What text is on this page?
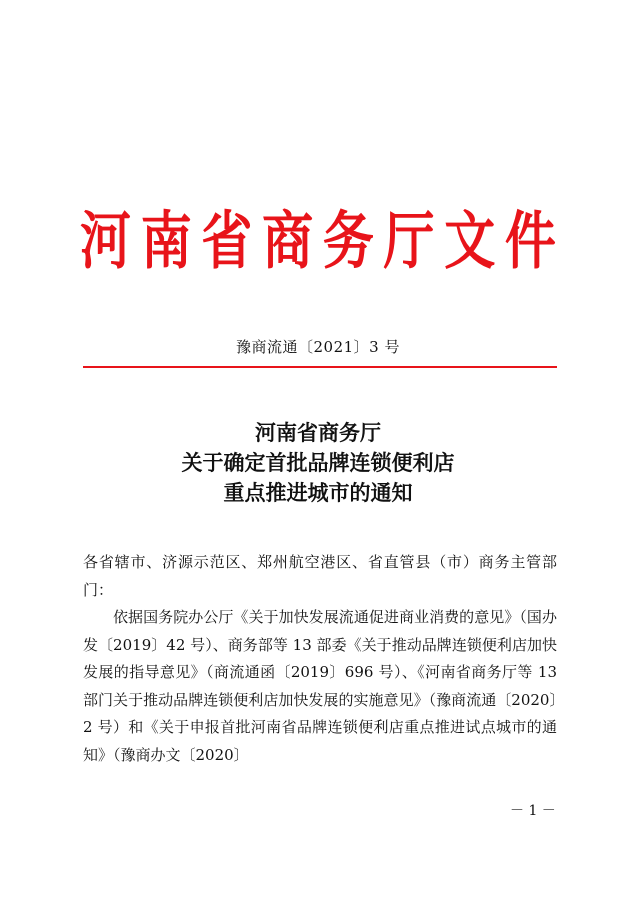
河 南 省 商 务 厅 文 件
豫商流通〔2021〕3 号
河南省商务厅
关于确定首批品牌连锁便利店
重点推进城市的通知

各省辖市、济源示范区、郑州航空港区、省直管县（市）商务主管部门：

依据国务院办公厅《关于加快发展流通促进商业消费的意见》（国办发〔2019〕42 号）、商务部等 13 部委《关于推动品牌连锁便利店加快发展的指导意见》（商流通函〔2019〕696 号）、《河南省商务厅等 13 部门关于推动品牌连锁便利店加快发展的实施意见》（豫商流通〔2020〕2 号）和《关于申报首批河南省品牌连锁便利店重点推进试点城市的通知》（豫商办文〔2020〕

－ 1 －
